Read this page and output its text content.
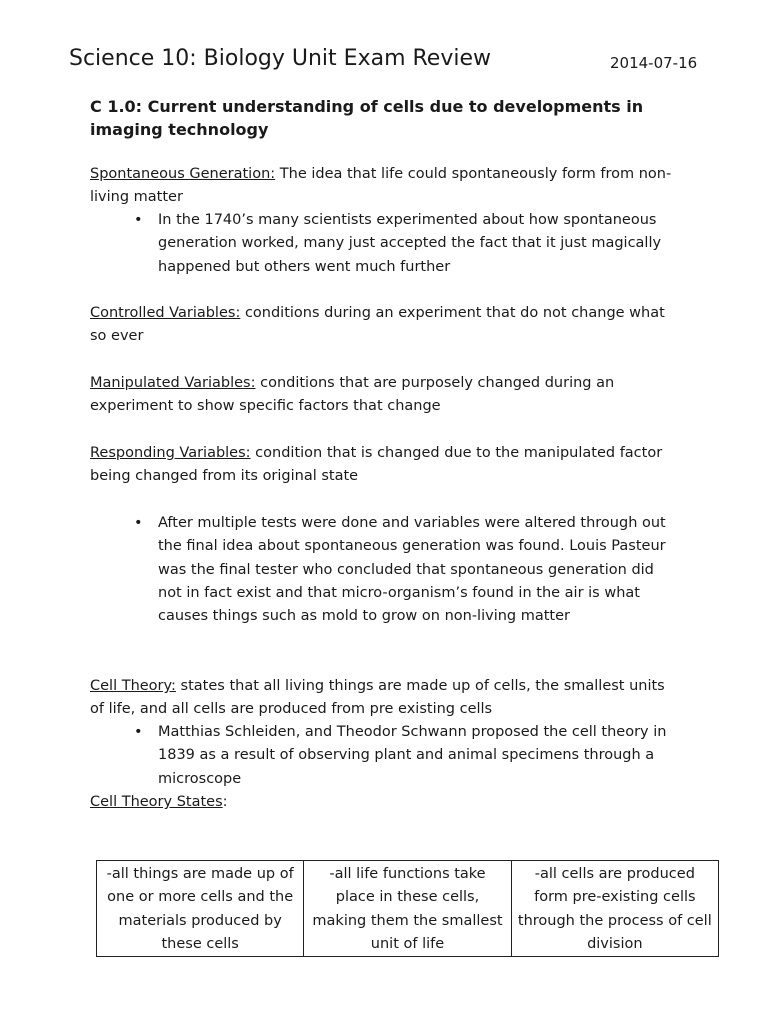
Science 10: Biology Unit Exam Review	2014-07-16
C 1.0: Current understanding of cells due to developments in imaging technology
Spontaneous Generation: The idea that life could spontaneously form from non-living matter
• In the 1740’s many scientists experimented about how spontaneous generation worked, many just accepted the fact that it just magically happened but others went much further
Controlled Variables: conditions during an experiment that do not change what so ever
Manipulated Variables: conditions that are purposely changed during an experiment to show specific factors that change
Responding Variables: condition that is changed due to the manipulated factor being changed from its original state
• After multiple tests were done and variables were altered through out the final idea about spontaneous generation was found. Louis Pasteur was the final tester who concluded that spontaneous generation did not in fact exist and that micro-organism’s found in the air is what causes things such as mold to grow on non-living matter
Cell Theory: states that all living things are made up of cells, the smallest units of life, and all cells are produced from pre existing cells
• Matthias Schleiden, and Theodor Schwann proposed the cell theory in 1839 as a result of observing plant and animal specimens through a microscope
Cell Theory States:
-all things are made up of one or more cells and the materials produced by these cells	-all life functions take place in these cells, making them the smallest unit of life	-all cells are produced form pre-existing cells through the process of cell division
